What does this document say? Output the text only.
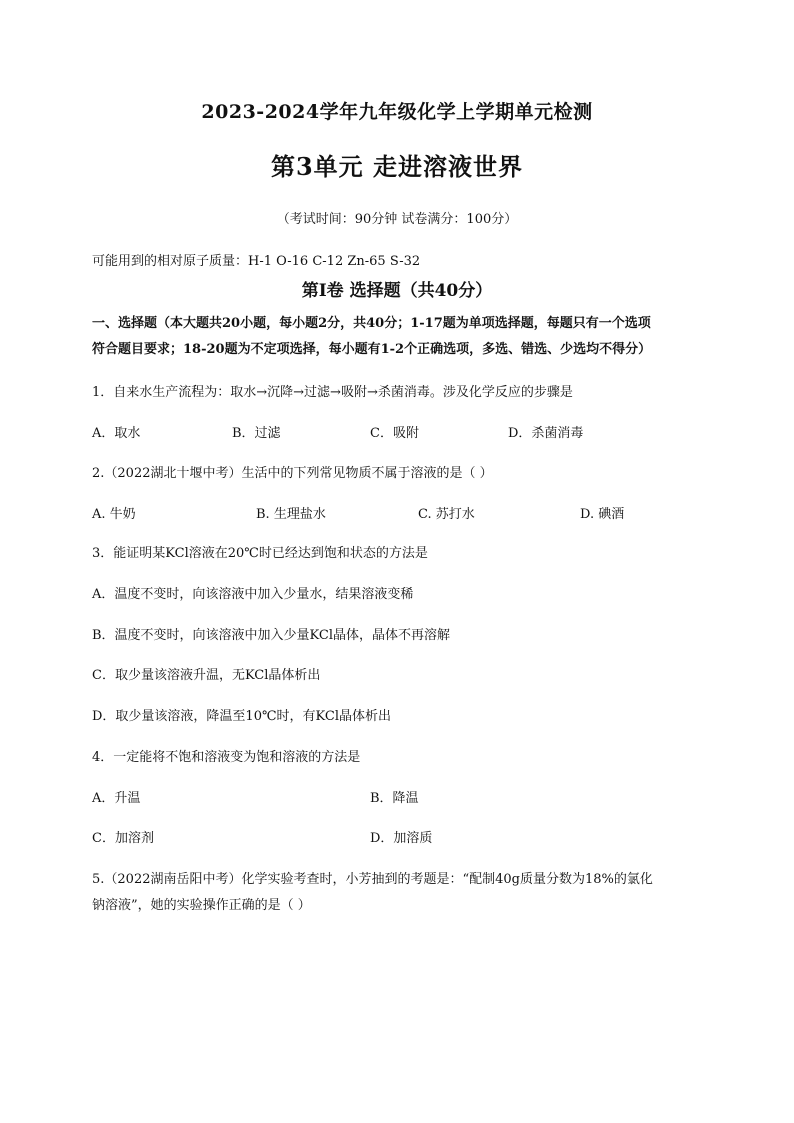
2023-2024学年九年级化学上学期单元检测
第3单元 走进溶液世界
（考试时间：90分钟 试卷满分：100分）
可能用到的相对原子质量：H-1 O-16 C-12 Zn-65 S-32
第Ⅰ卷 选择题（共40分）
一、选择题（本大题共20小题，每小题2分，共40分；1-17题为单项选择题，每题只有一个选项
符合题目要求；18-20题为不定项选择，每小题有1-2个正确选项，多选、错选、少选均不得分）
1．自来水生产流程为：取水→沉降→过滤→吸附→杀菌消毒。涉及化学反应的步骤是
A．取水	B．过滤	C．吸附	D．杀菌消毒
2.（2022湖北十堰中考）生活中的下列常见物质不属于溶液的是（ ）
A. 牛奶	B. 生理盐水	C. 苏打水	D. 碘酒
3．能证明某KCl溶液在20℃时已经达到饱和状态的方法是
A．温度不变时，向该溶液中加入少量水，结果溶液变稀
B．温度不变时，向该溶液中加入少量KCl晶体，晶体不再溶解
C．取少量该溶液升温，无KCl晶体析出
D．取少量该溶液，降温至10℃时，有KCl晶体析出
4．一定能将不饱和溶液变为饱和溶液的方法是
A．升温	B．降温
C．加溶剂	D．加溶质
5.（2022湖南岳阳中考）化学实验考查时，小芳抽到的考题是：“配制40g质量分数为18%的氯化
钠溶液”，她的实验操作正确的是（ ）
